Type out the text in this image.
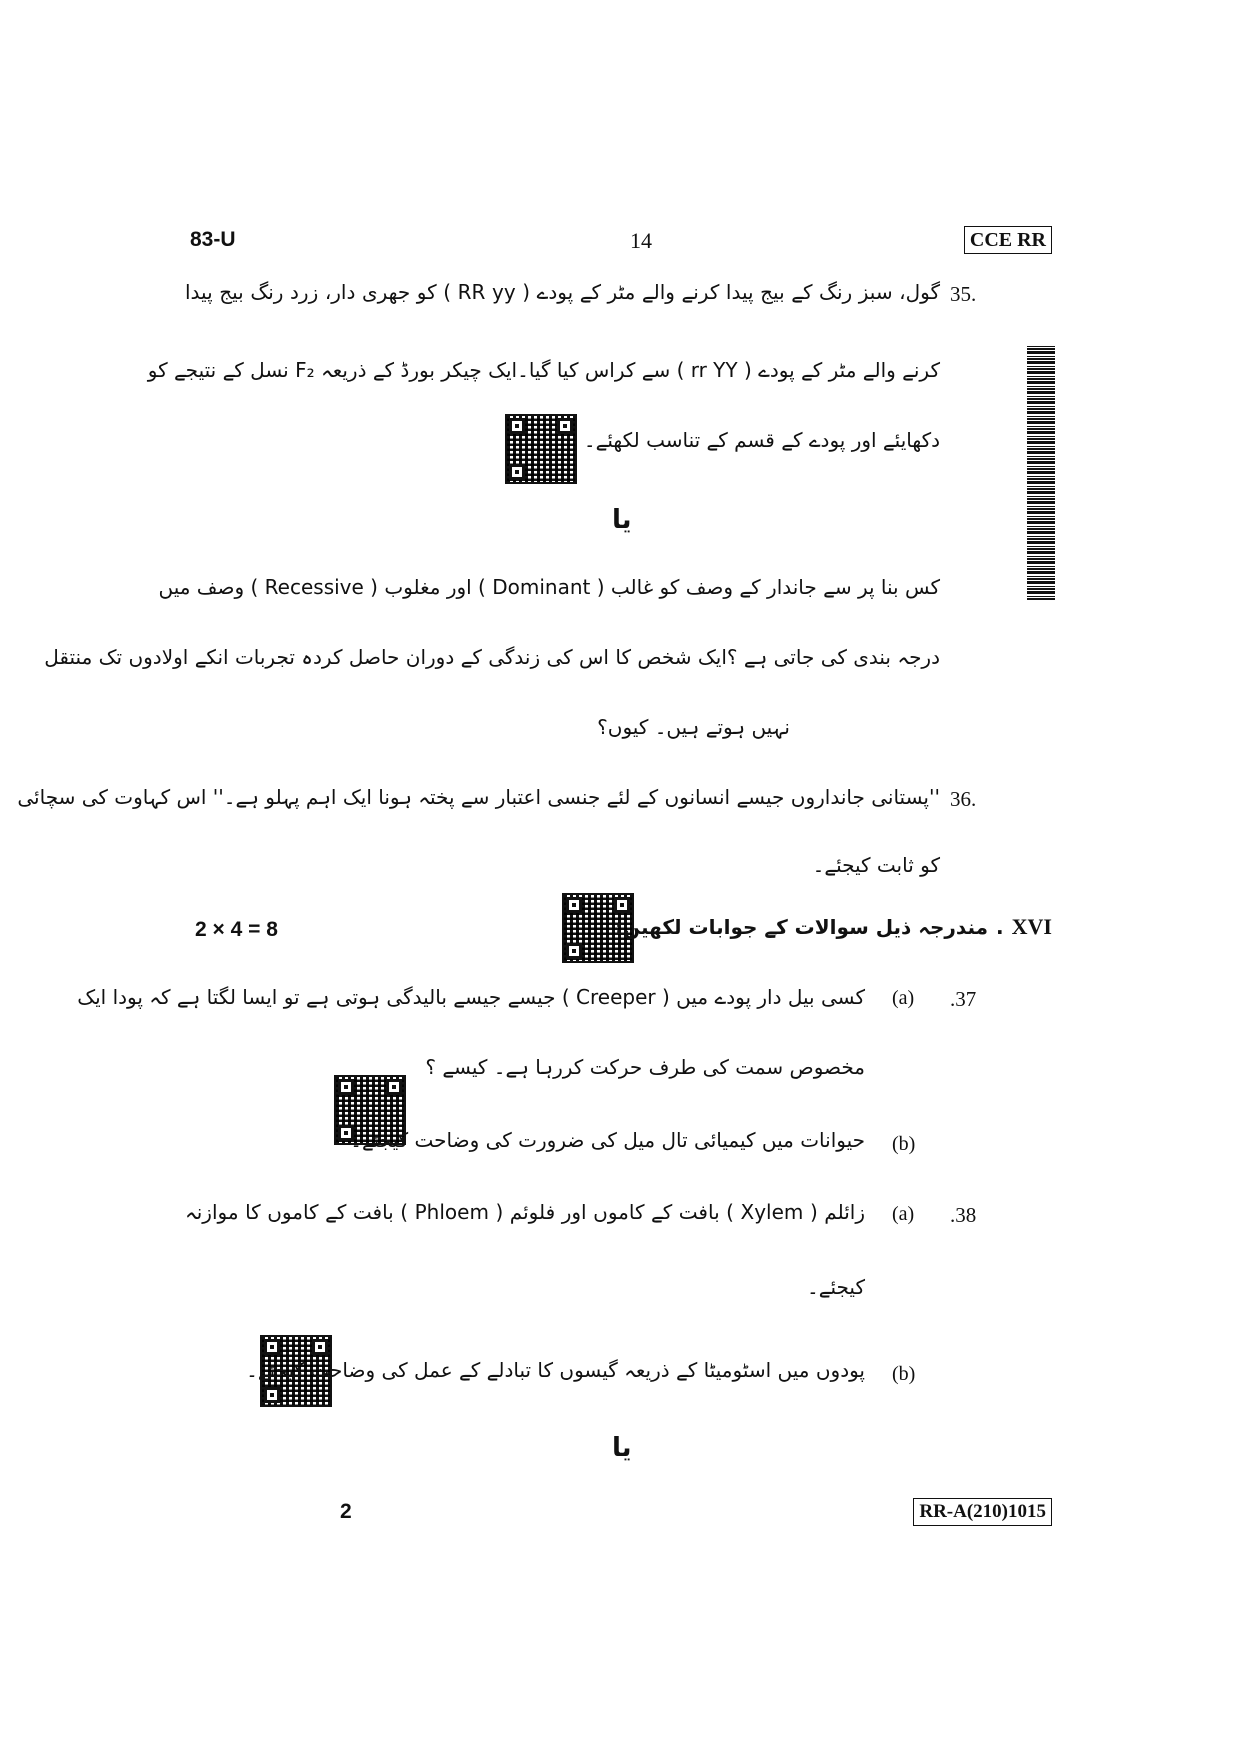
83-U	14	CCE RR
35.
گول، سبز رنگ کے بیج پیدا کرنے والے مٹر کے پودے ( RR yy ) کو جھری دار، زرد رنگ بیج پیدا
کرنے والے مٹر کے پودے ( rr YY ) سے کراس کیا گیا۔ایک چیکر بورڈ کے ذریعہ F₂ نسل کے نتیجے کو
دکھایئے اور پودے کے قسم کے تناسب لکھئے۔
یا
کس بنا پر سے جاندار کے وصف کو غالب ( Dominant ) اور مغلوب ( Recessive ) وصف میں
درجہ بندی کی جاتی ہے ؟ایک شخص کا اس کی زندگی کے دوران حاصل کردہ تجربات انکے اولادوں تک منتقل
نہیں ہوتے ہیں۔ کیوں؟
36.
''پستانی جانداروں جیسے انسانوں کے لئے جنسی اعتبار سے پختہ ہونا ایک اہم پہلو ہے۔'' اس کہاوت کی سچائی
کو ثابت کیجئے۔
2 × 4 = 8	XVI
.
مندرجہ ذیل سوالات کے جوابات لکھیں:
.37
(a)
کسی بیل دار پودے میں ( Creeper ) جیسے جیسے بالیدگی ہوتی ہے تو ایسا لگتا ہے کہ پودا ایک
مخصوص سمت کی طرف حرکت کررہا ہے۔ کیسے ؟
(b)
حیوانات میں کیمیائی تال میل کی ضرورت کی وضاحت کیجئے۔
.38
(a)
زائلم ( Xylem ) بافت کے کاموں اور فلوئم ( Phloem ) بافت کے کاموں کا موازنہ
کیجئے۔
(b)
پودوں میں اسٹومیٹا کے ذریعہ گیسوں کا تبادلے کے عمل کی وضاحت کیجئے۔
یا
2	RR-A(210)1015
